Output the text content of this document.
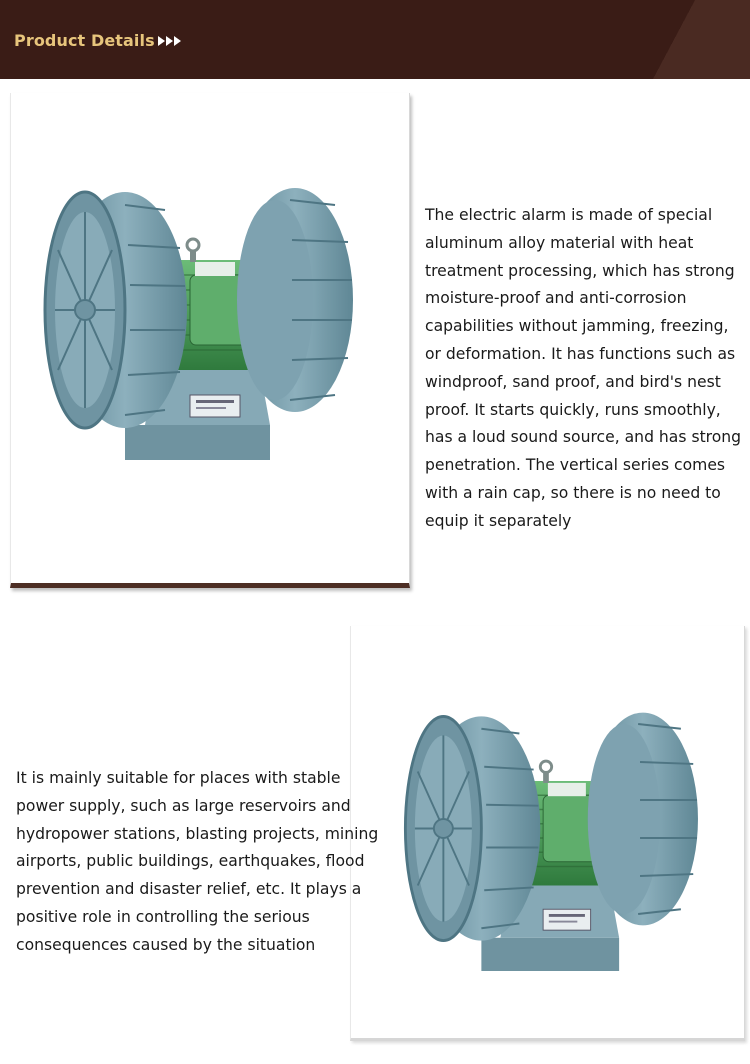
Product Details
The electric alarm is made of special aluminum alloy material with heat treatment processing, which has strong moisture-proof and anti-corrosion capabilities without jamming, freezing, or deformation. It has functions such as windproof, sand proof, and bird's nest proof. It starts quickly, runs smoothly, has a loud sound source, and has strong penetration. The vertical series comes with a rain cap, so there is no need to equip it separately
It is mainly suitable for places with stable power supply, such as large reservoirs and hydropower stations, blasting projects, mining airports, public buildings, earthquakes, flood prevention and disaster relief, etc. It plays a positive role in controlling the serious consequences caused by the situation
